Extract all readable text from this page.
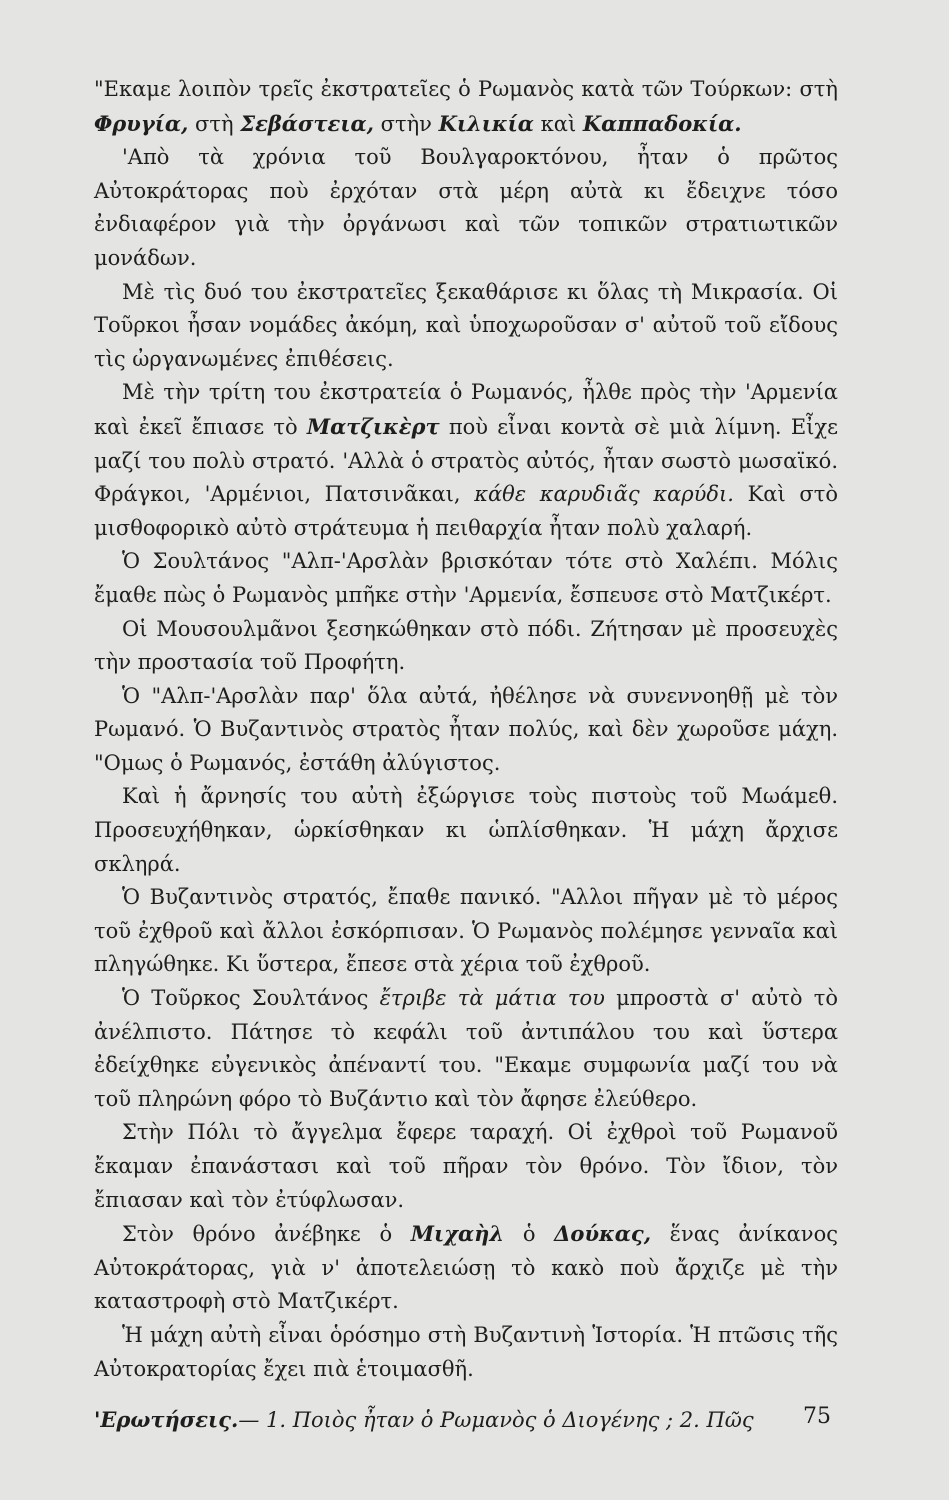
"Εκαμε λοιπὸν τρεῖς ἐκστρατεῖες ὁ Ρωμανὸς κατὰ τῶν Τούρκων: στὴ Φρυγία, στὴ Σεβάστεια, στὴν Κιλικία καὶ Καππαδοκία.

'Απὸ τὰ χρόνια τοῦ Βουλγαροκτόνου, ἦταν ὁ πρῶτος Αὐτοκράτορας ποὺ ἐρχόταν στὰ μέρη αὐτὰ κι ἔδειχνε τόσο ἐνδιαφέρον γιὰ τὴν ὀργάνωσι καὶ τῶν τοπικῶν στρατιωτικῶν μονάδων.

Μὲ τὶς δυό του ἐκστρατεῖες ξεκαθάρισε κι ὅλας τὴ Μικρασία. Οἱ Τοῦρκοι ἦσαν νομάδες ἀκόμη, καὶ ὑποχωροῦσαν σ' αὐτοῦ τοῦ εἴδους τὶς ὠργανωμένες ἐπιθέσεις.

Μὲ τὴν τρίτη του ἐκστρατεία ὁ Ρωμανός, ἦλθε πρὸς τὴν 'Αρμενία καὶ ἐκεῖ ἔπιασε τὸ Ματζικὲρτ ποὺ εἶναι κοντὰ σὲ μιὰ λίμνη. Εἶχε μαζί του πολὺ στρατό. 'Αλλὰ ὁ στρατὸς αὐτός, ἦταν σωστὸ μωσαϊκό. Φράγκοι, 'Αρμένιοι, Πατσινᾶκαι, κάθε καρυδιᾶς καρύδι. Καὶ στὸ μισθοφορικὸ αὐτὸ στράτευμα ἡ πειθαρχία ἦταν πολὺ χαλαρή.

Ὁ Σουλτάνος "Αλπ-'Αρσλὰν βρισκόταν τότε στὸ Χαλέπι. Μόλις ἔμαθε πὼς ὁ Ρωμανὸς μπῆκε στὴν 'Αρμενία, ἔσπευσε στὸ Ματζικέρτ.

Οἱ Μουσουλμᾶνοι ξεσηκώθηκαν στὸ πόδι. Ζήτησαν μὲ προσευχὲς τὴν προστασία τοῦ Προφήτη.

Ὁ "Αλπ-'Αρσλὰν παρ' ὅλα αὐτά, ἠθέλησε νὰ συνεννοηθῇ μὲ τὸν Ρωμανό. Ὁ Βυζαντινὸς στρατὸς ἦταν πολύς, καὶ δὲν χωροῦσε μάχη. "Ομως ὁ Ρωμανός, ἐστάθη ἀλύγιστος.

Καὶ ἡ ἄρνησίς του αὐτὴ ἐξώργισε τοὺς πιστοὺς τοῦ Μωάμεθ. Προσευχήθηκαν, ὡρκίσθηκαν κι ὡπλίσθηκαν. Ἡ μάχη ἄρχισε σκληρά.

Ὁ Βυζαντινὸς στρατός, ἔπαθε πανικό. "Αλλοι πῆγαν μὲ τὸ μέρος τοῦ ἐχθροῦ καὶ ἄλλοι ἐσκόρπισαν. Ὁ Ρωμανὸς πολέμησε γενναῖα καὶ πληγώθηκε. Κι ὕστερα, ἔπεσε στὰ χέρια τοῦ ἐχθροῦ.

Ὁ Τοῦρκος Σουλτάνος ἔτριβε τὰ μάτια του μπροστὰ σ' αὐτὸ τὸ ἀνέλπιστο. Πάτησε τὸ κεφάλι τοῦ ἀντιπάλου του καὶ ὕστερα ἐδείχθηκε εὐγενικὸς ἀπέναντί του. "Εκαμε συμφωνία μαζί του νὰ τοῦ πληρώνη φόρο τὸ Βυζάντιο καὶ τὸν ἄφησε ἐλεύθερο.

Στὴν Πόλι τὸ ἄγγελμα ἔφερε ταραχή. Οἱ ἐχθροὶ τοῦ Ρωμανοῦ ἔκαμαν ἐπανάστασι καὶ τοῦ πῆραν τὸν θρόνο. Τὸν ἴδιον, τὸν ἔπιασαν καὶ τὸν ἐτύφλωσαν.

Στὸν θρόνο ἀνέβηκε ὁ Μιχαὴλ ὁ Δούκας, ἕνας ἀνίκανος Αὐτοκράτορας, γιὰ ν' ἀποτελειώσῃ τὸ κακὸ ποὺ ἄρχιζε μὲ τὴν καταστροφὴ στὸ Ματζικέρτ.

Ἡ μάχη αὐτὴ εἶναι ὁρόσημο στὴ Βυζαντινὴ Ἱστορία. Ἡ πτῶσις τῆς Αὐτοκρατορίας ἔχει πιὰ ἑτοιμασθῆ.

'Ερωτήσεις.— 1. Ποιὸς ἦταν ὁ Ρωμανὸς ὁ Διογένης ; 2. Πῶς	75
